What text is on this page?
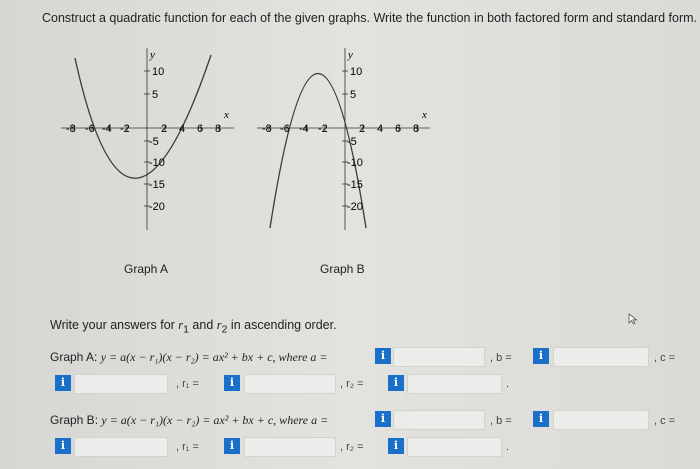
Construct a quadratic function for each of the given graphs. Write the function in both factored form and standard form.
y
x
10
5
-8 -6 -4 -2	2 4 6 8
-5
-10
-15
-20
Graph A
y
x
10
5
-8 -6 -4 -2	2 4 6 8
-5
-10
-15
-20
Graph B
Write your answers for $r_1$ and $r_2$ in ascending order.
Graph A: y = a(x − r₁)(x − r₂) = ax² + bx + c, where a =	i	, b =	i	, c =
i	, r₁ =	i	, r₂ =	i	.
Graph B: y = a(x − r₁)(x − r₂) = ax² + bx + c, where a =	i	, b =	i	, c =
i	, r₁ =	i	, r₂ =	i	.
